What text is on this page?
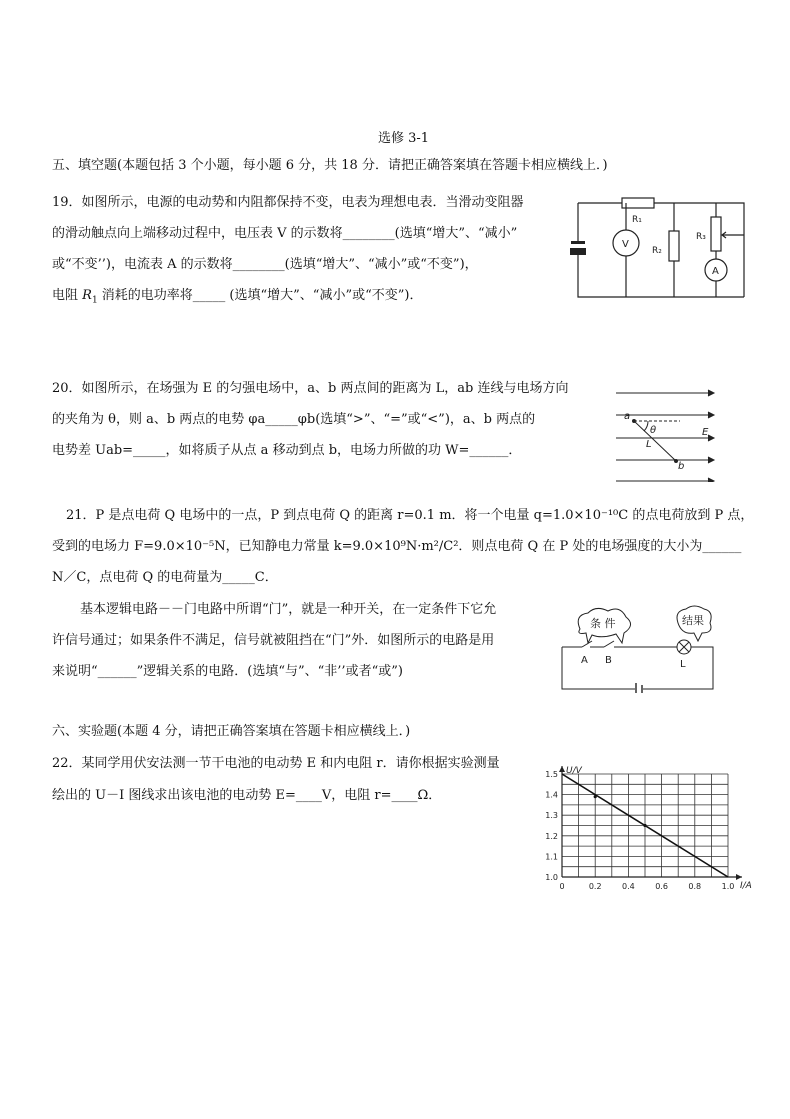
选修 3-1
五、填空题(本题包括 3 个小题，每小题 6 分，共 18 分．请把正确答案填在答题卡相应横线上．)
19．如图所示，电源的电动势和内阻都保持不变，电表为理想电表．当滑动变阻器
的滑动触点向上端移动过程中，电压表 V 的示数将________(选填“增大”、“减小”
或“不变’’)，电流表 A 的示数将________(选填“增大”、“减小”或“不变”)，
电阻 $R_1$ 消耗的电功率将_____ (选填“增大”、“减小”或“不变”)．
R₁
V
R₂
R₃
A
20．如图所示，在场强为 E 的匀强电场中，a、b 两点间的距离为 L，ab 连线与电场方向
的夹角为 θ，则 a、b 两点的电势 φa_____φb(选填“>”、“=”或“<”)，a、b 两点的
电势差 Uab=_____，如将质子从点 a 移动到点 b，电场力所做的功 W=______．
a
θ
L
b
E
21．P 是点电荷 Q 电场中的一点，P 到点电荷 Q 的距离 r=0.1 m．将一个电量 q=1.0×10⁻¹⁰C 的点电荷放到 P 点，
受到的电场力 F=9.0×10⁻⁵N，已知静电力常量 k=9.0×10⁹N·m²/C²．则点电荷 Q 在 P 处的电场强度的大小为______
N／C，点电荷 Q 的电荷量为_____C．
基本逻辑电路－－门电路中所谓“门”，就是一种开关，在一定条件下它允
许信号通过；如果条件不满足，信号就被阻挡在“门”外．如图所示的电路是用
来说明“______”逻辑关系的电路．(选填“与”、“非’’或者“或”)
条 件	结果
A B	L
六、实验题(本题 4 分，请把正确答案填在答题卡相应横线上．)
22．某同学用伏安法测一节干电池的电动势 E 和内电阻 r．请你根据实验测量
绘出的 U－I 图线求出该电池的电动势 E=____V，电阻 r=____Ω．
0	0.2	0.4	0.6	0.8	1.0
1.0
1.1
1.2
1.3
1.4
1.5 U/V
I/A
